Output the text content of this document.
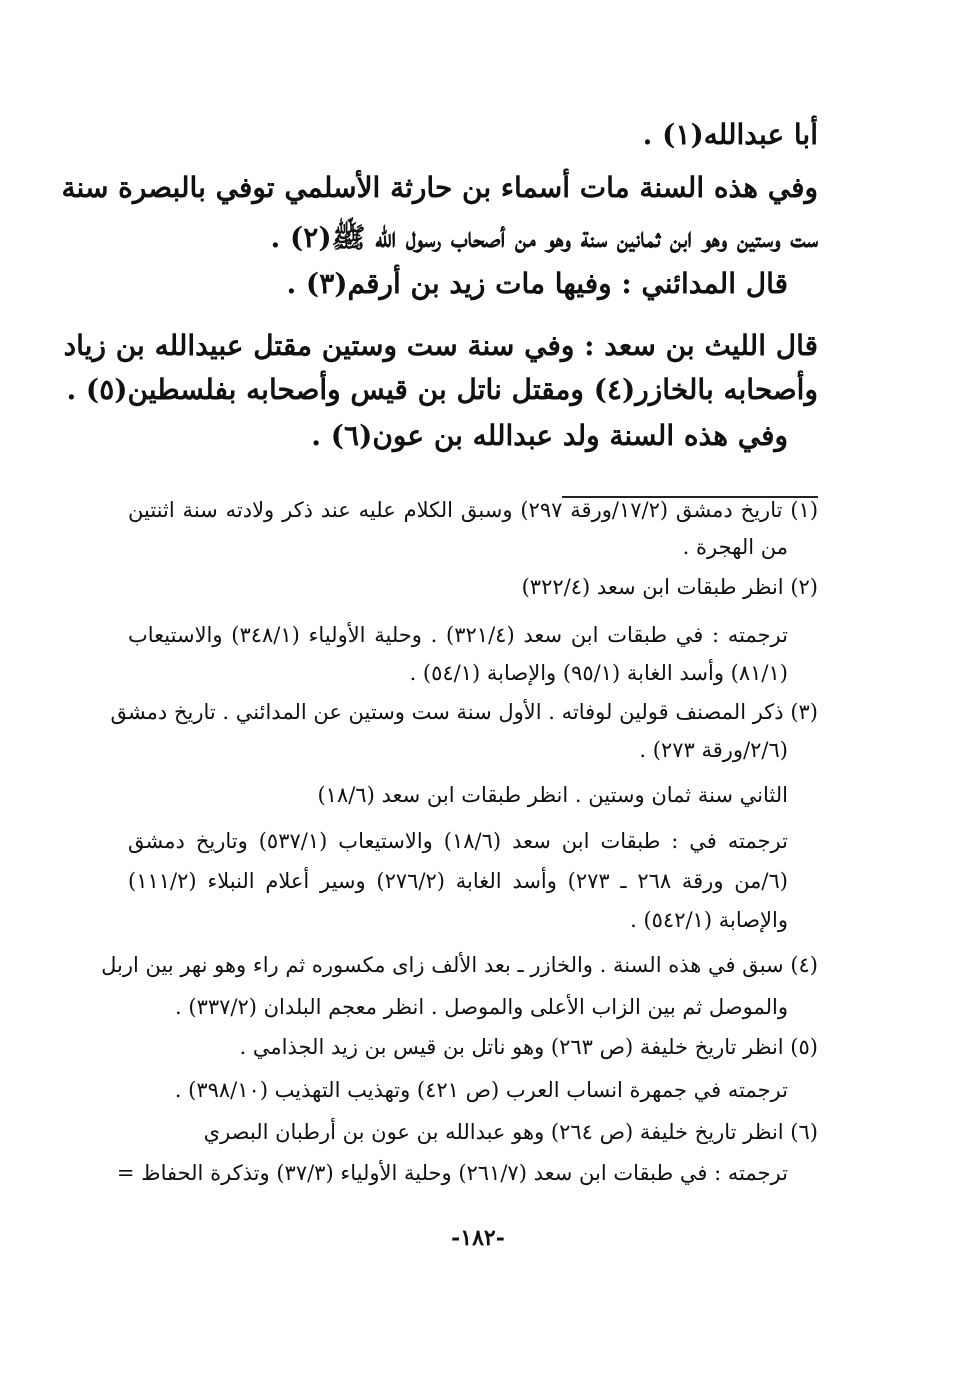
أبا عبدالله(١) .
وفي هذه السنة مات أسماء بن حارثة الأسلمي توفي بالبصرة سنة
ست وستين وهو ابن ثمانين سنة وهو من أصحاب رسول الله ﷺ(٢) .
قال المدائني : وفيها مات زيد بن أرقم(٣) .
قال الليث بن سعد : وفي سنة ست وستين مقتل عبيدالله بن زياد
وأصحابه بالخازر(٤) ومقتل ناتل بن قيس وأصحابه بفلسطين(٥) .
وفي هذه السنة ولد عبدالله بن عون(٦) .
(١) تاريخ دمشق (١٧/٢/ورقة ٢٩٧) وسبق الكلام عليه عند ذكر ولادته سنة اثنتين
من الهجرة .
(٢) انظر طبقات ابن سعد (٣٢٢/٤)
ترجمته : في طبقات ابن سعد (٣٢١/٤) . وحلية الأولياء (٣٤٨/١) والاستيعاب
(٨١/١) وأسد الغابة (٩٥/١) والإصابة (٥٤/١) .
(٣) ذكر المصنف قولين لوفاته . الأول سنة ست وستين عن المدائني . تاريخ دمشق
(٢/٦/ورقة ٢٧٣) .
الثاني سنة ثمان وستين . انظر طبقات ابن سعد (١٨/٦)
ترجمته في : طبقات ابن سعد (١٨/٦) والاستيعاب (٥٣٧/١) وتاريخ دمشق
(٦/من ورقة ٢٦٨ ـ ٢٧٣) وأسد الغابة (٢٧٦/٢) وسير أعلام النبلاء (١١١/٢)
والإصابة (٥٤٢/١) .
(٤) سبق في هذه السنة . والخازر ـ بعد الألف زاى مكسوره ثم راء وهو نهر بين اربل
والموصل ثم بين الزاب الأعلى والموصل . انظر معجم البلدان (٣٣٧/٢) .
(٥) انظر تاريخ خليفة (ص ٢٦٣) وهو ناتل بن قيس بن زيد الجذامي .
ترجمته في جمهرة انساب العرب (ص ٤٢١) وتهذيب التهذيب (٣٩٨/١٠) .
(٦) انظر تاريخ خليفة (ص ٢٦٤) وهو عبدالله بن عون بن أرطبان البصري
ترجمته : في طبقات ابن سعد (٢٦١/٧) وحلية الأولياء (٣٧/٣) وتذكرة الحفاظ =
-١٨٢-
